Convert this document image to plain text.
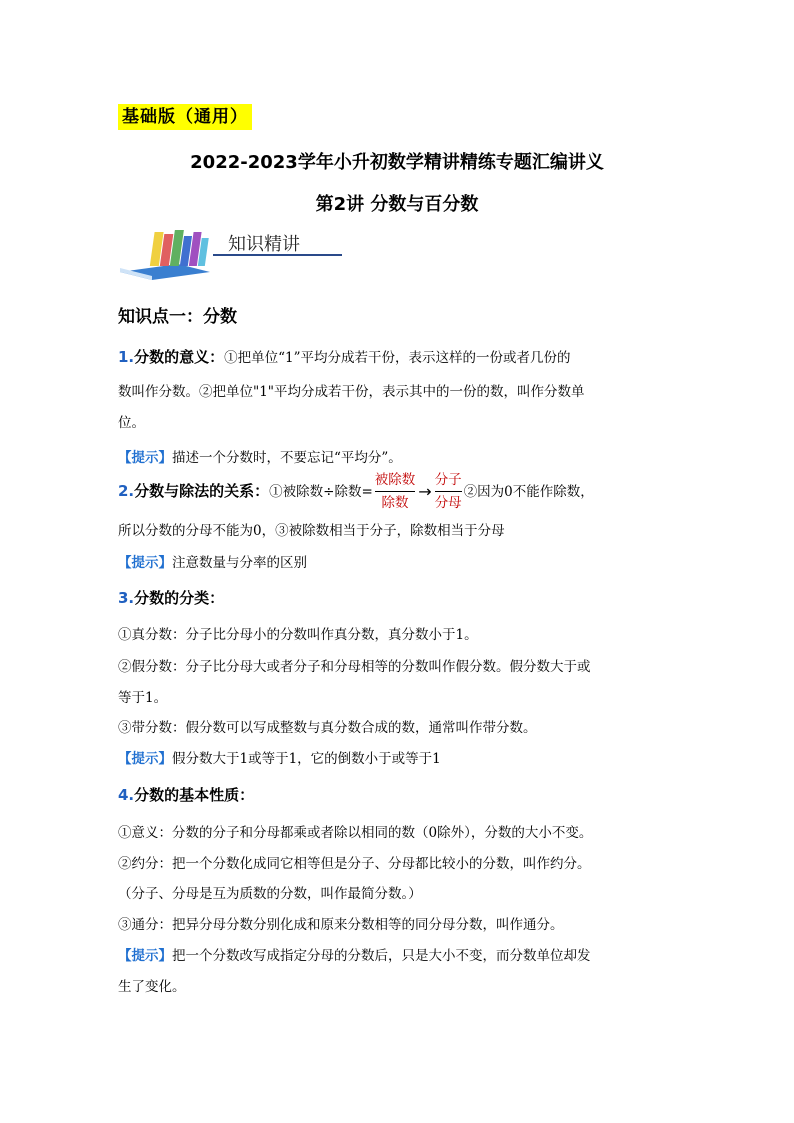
基础版（通用）
2022-2023学年小升初数学精讲精练专题汇编讲义
第2讲 分数与百分数
知识精讲
知识点一：分数
1.分数的意义：①把单位“1”平均分成若干份，表示这样的一份或者几份的
数叫作分数。②把单位"1"平均分成若干份，表示其中的一份的数，叫作分数单
位。
【提示】描述一个分数时，不要忘记“平均分”。
2.分数与除法的关系：①被除数÷除数= $\frac{\text{被除数}}{\text{除数}} \to \frac{\text{分子}}{\text{分母}}$ ②因为0不能作除数，
所以分数的分母不能为0，③被除数相当于分子，除数相当于分母
【提示】注意数量与分率的区别
3.分数的分类：
①真分数：分子比分母小的分数叫作真分数，真分数小于1。
②假分数：分子比分母大或者分子和分母相等的分数叫作假分数。假分数大于或
等于1。
③带分数：假分数可以写成整数与真分数合成的数，通常叫作带分数。
【提示】假分数大于1或等于1，它的倒数小于或等于1
4.分数的基本性质：
①意义：分数的分子和分母都乘或者除以相同的数（0除外），分数的大小不变。
②约分：把一个分数化成同它相等但是分子、分母都比较小的分数，叫作约分。
（分子、分母是互为质数的分数，叫作最简分数。）
③通分：把异分母分数分别化成和原来分数相等的同分母分数，叫作通分。
【提示】把一个分数改写成指定分母的分数后，只是大小不变，而分数单位却发
生了变化。
